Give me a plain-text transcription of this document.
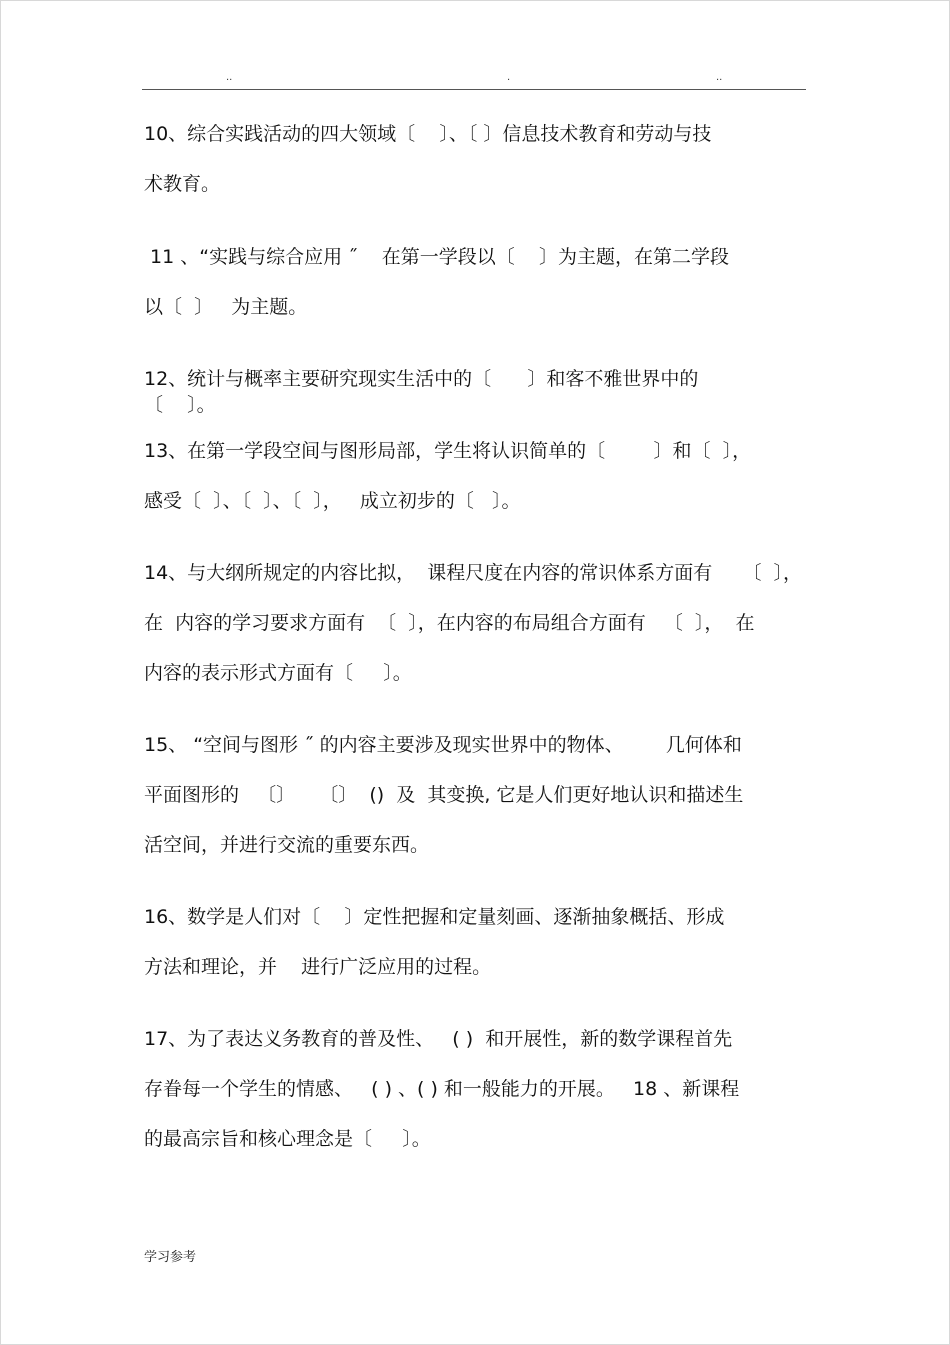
..	.	..
10、综合实践活动的四大领域〔    〕、〔 〕信息技术教育和劳动与技
术教育。
11 、“实践与综合应用 ˝    在第一学段以〔    〕为主题，在第二学段
以〔  〕   为主题。
12、统计与概率主要研究现实生活中的〔      〕和客不雅世界中的
〔    〕。
13、在第一学段空间与图形局部，学生将认识简单的〔        〕和〔  〕，
感受〔  〕、〔  〕、〔  〕，   成立初步的〔   〕。
14、与大纲所规定的内容比拟，  课程尺度在内容的常识体系方面有     〔  〕，
在  内容的学习要求方面有  〔  〕，在内容的布局组合方面有   〔  〕，  在
内容的表示形式方面有〔     〕。
15、 “空间与图形 ˝ 的内容主要涉及现实世界中的物体、       几何体和
平面图形的   〔〕    〔〕  ()  及  其变换, 它是人们更好地认识和描述生
活空间，并进行交流的重要东西。
16、数学是人们对〔    〕定性把握和定量刻画、逐渐抽象概括、形成
方法和理论，并    进行广泛应用的过程。
17、为了表达义务教育的普及性、   ( )  和开展性，新的数学课程首先
存眷每一个学生的情感、   ( ) 、( ) 和一般能力的开展。   18 、新课程
的最高宗旨和核心理念是〔     〕。
学习参考
